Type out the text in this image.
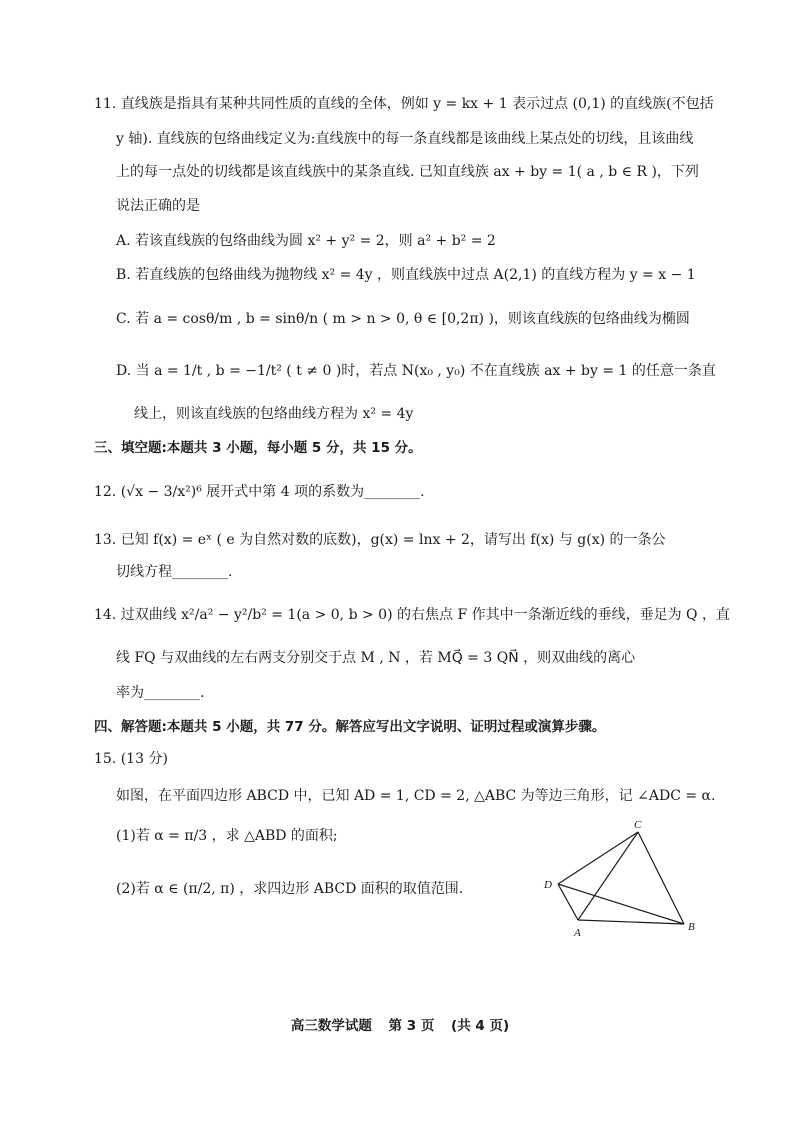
11. 直线族是指具有某种共同性质的直线的全体，例如 y = kx + 1 表示过点 (0,1) 的直线族(不包括
y 轴). 直线族的包络曲线定义为:直线族中的每一条直线都是该曲线上某点处的切线，且该曲线
上的每一点处的切线都是该直线族中的某条直线. 已知直线族 ax + by = 1( a , b ∈ R )，下列
说法正确的是
A. 若该直线族的包络曲线为圆 x² + y² = 2，则 a² + b² = 2
B. 若直线族的包络曲线为抛物线 x² = 4y ，则直线族中过点 A(2,1) 的直线方程为 y = x − 1
C. 若 a = cosθ/m , b = sinθ/n ( m > n > 0, θ ∈ [0,2π) )，则该直线族的包络曲线为椭圆
D. 当 a = 1/t , b = −1/t² ( t ≠ 0 )时，若点 N(x₀ , y₀) 不在直线族 ax + by = 1 的任意一条直
线上，则该直线族的包络曲线方程为 x² = 4y
三、填空题:本题共 3 小题，每小题 5 分，共 15 分。
12. (√x − 3/x²)⁶ 展开式中第 4 项的系数为________.
13. 已知 f(x) = eˣ ( e 为自然对数的底数)，g(x) = lnx + 2，请写出 f(x) 与 g(x) 的一条公
切线方程________.
14. 过双曲线 x²/a² − y²/b² = 1(a > 0, b > 0) 的右焦点 F 作其中一条渐近线的垂线，垂足为 Q ，直
线 FQ 与双曲线的左右两支分别交于点 M , N ，若 MQ⃗ = 3 QN⃗ ，则双曲线的离心
率为________.
四、解答题:本题共 5 小题，共 77 分。解答应写出文字说明、证明过程或演算步骤。
15. (13 分)
如图，在平面四边形 ABCD 中，已知 AD = 1, CD = 2, △ABC 为等边三角形，记 ∠ADC = α.
(1)若 α = π/3 ，求 △ABD 的面积;
(2)若 α ∈ (π/2, π) ，求四边形 ABCD 面积的取值范围.
C
D
A	B
高三数学试题 第 3 页 (共 4 页)
